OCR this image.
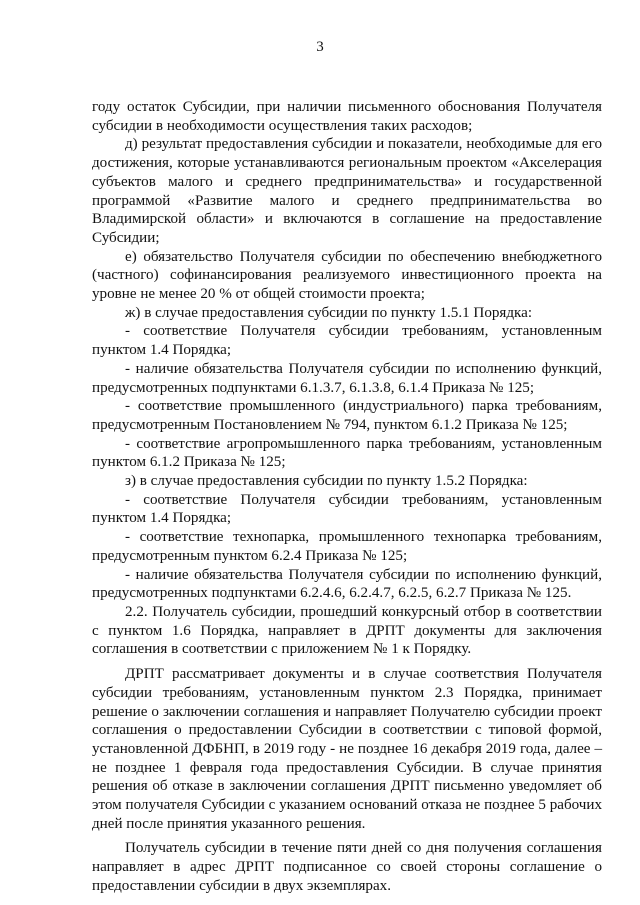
3

году остаток Субсидии, при наличии письменного обоснования Получателя субсидии в необходимости осуществления таких расходов;

д) результат предоставления субсидии и показатели, необходимые для его достижения, которые устанавливаются региональным проектом «Акселерация субъектов малого и среднего предпринимательства» и государственной программой «Развитие малого и среднего предпринимательства во Владимирской области» и включаются в соглашение на предоставление Субсидии;

е) обязательство Получателя субсидии по обеспечению внебюджетного (частного) софинансирования реализуемого инвестиционного проекта на уровне не менее 20 % от общей стоимости проекта;

ж) в случае предоставления субсидии по пункту 1.5.1 Порядка:

- соответствие Получателя субсидии требованиям, установленным пунктом 1.4 Порядка;

- наличие обязательства Получателя субсидии по исполнению функций, предусмотренных подпунктами 6.1.3.7, 6.1.3.8, 6.1.4 Приказа № 125;

- соответствие промышленного (индустриального) парка требованиям, предусмотренным Постановлением № 794, пунктом 6.1.2 Приказа № 125;

- соответствие агропромышленного парка требованиям, установленным пунктом 6.1.2 Приказа № 125;

з) в случае предоставления субсидии по пункту 1.5.2 Порядка:

- соответствие Получателя субсидии требованиям, установленным пунктом 1.4 Порядка;

- соответствие технопарка, промышленного технопарка требованиям, предусмотренным пунктом 6.2.4 Приказа № 125;

- наличие обязательства Получателя субсидии по исполнению функций, предусмотренных подпунктами 6.2.4.6, 6.2.4.7, 6.2.5, 6.2.7 Приказа № 125.

2.2. Получатель субсидии, прошедший конкурсный отбор в соответствии с пунктом 1.6 Порядка, направляет в ДРПТ документы для заключения соглашения в соответствии с приложением № 1 к Порядку.

ДРПТ рассматривает документы и в случае соответствия Получателя субсидии требованиям, установленным пунктом 2.3 Порядка, принимает решение о заключении соглашения и направляет Получателю субсидии проект соглашения о предоставлении Субсидии в соответствии с типовой формой, установленной ДФБНП, в 2019 году - не позднее 16 декабря 2019 года, далее – не позднее 1 февраля года предоставления Субсидии. В случае принятия решения об отказе в заключении соглашения ДРПТ письменно уведомляет об этом получателя Субсидии с указанием оснований отказа не позднее 5 рабочих дней после принятия указанного решения.

Получатель субсидии в течение пяти дней со дня получения соглашения направляет в адрес ДРПТ подписанное со своей стороны соглашение о предоставлении субсидии в двух экземплярах.
